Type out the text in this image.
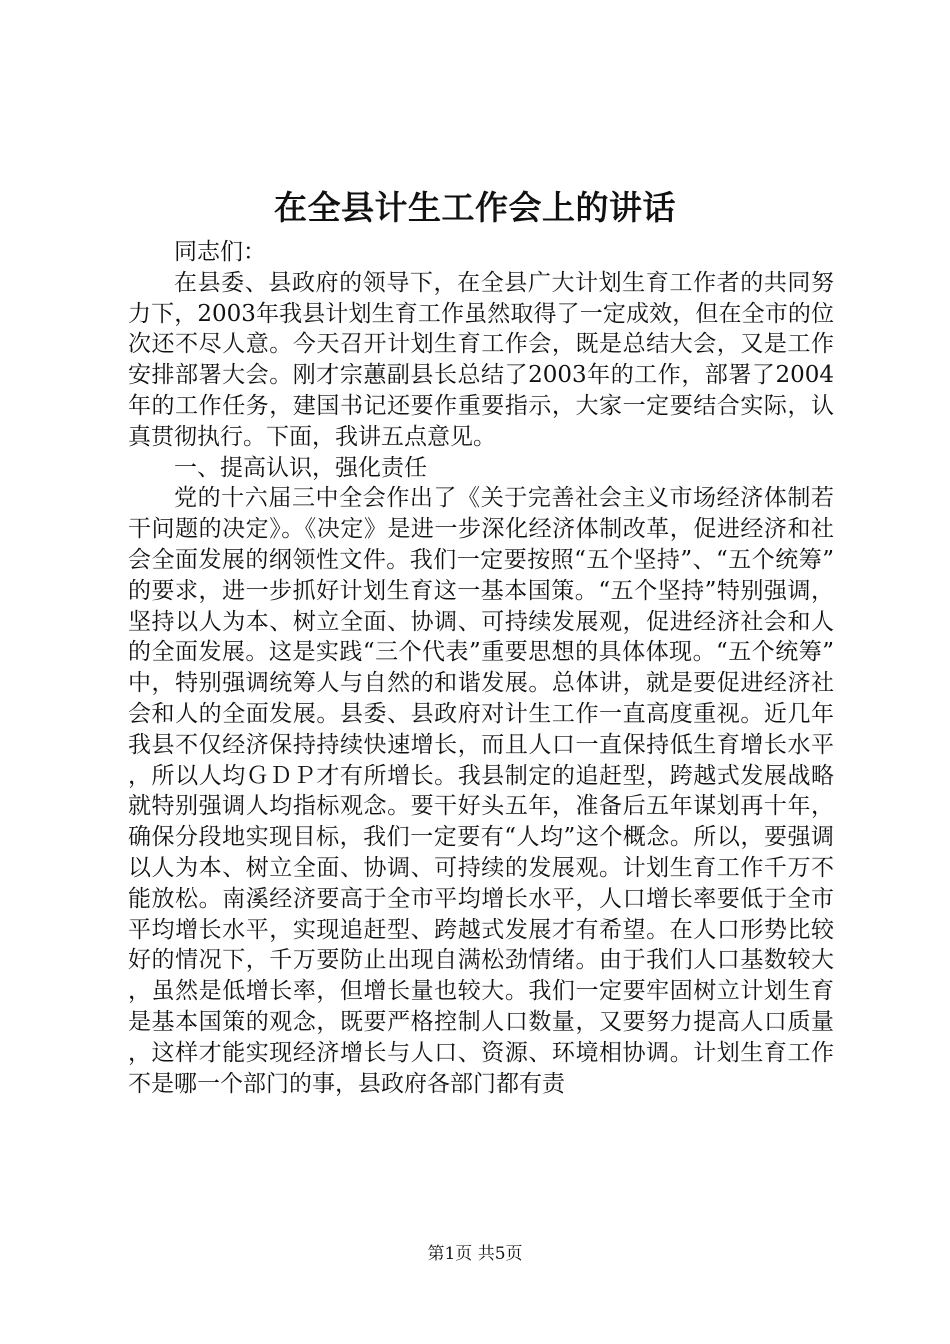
在全县计生工作会上的讲话

同志们：

在县委、县政府的领导下，在全县广大计划生育工作者的共同努力下，2003年我县计划生育工作虽然取得了一定成效，但在全市的位次还不尽人意。今天召开计划生育工作会，既是总结大会，又是工作安排部署大会。刚才宗蕙副县长总结了2003年的工作，部署了2004年的工作任务，建国书记还要作重要指示，大家一定要结合实际，认真贯彻执行。下面，我讲五点意见。

一、提高认识，强化责任

党的十六届三中全会作出了《关于完善社会主义市场经济体制若干问题的决定》。《决定》是进一步深化经济体制改革，促进经济和社会全面发展的纲领性文件。我们一定要按照“五个坚持”、“五个统筹”的要求，进一步抓好计划生育这一基本国策。“五个坚持”特别强调，坚持以人为本、树立全面、协调、可持续发展观，促进经济社会和人的全面发展。这是实践“三个代表”重要思想的具体体现。“五个统筹”中，特别强调统筹人与自然的和谐发展。总体讲，就是要促进经济社会和人的全面发展。县委、县政府对计生工作一直高度重视。近几年我县不仅经济保持持续快速增长，而且人口一直保持低生育增长水平，所以人均ＧＤＰ才有所增长。我县制定的追赶型，跨越式发展战略就特别强调人均指标观念。要干好头五年，准备后五年谋划再十年，确保分段地实现目标，我们一定要有“人均”这个概念。所以，要强调以人为本、树立全面、协调、可持续的发展观。计划生育工作千万不能放松。南溪经济要高于全市平均增长水平，人口增长率要低于全市平均增长水平，实现追赶型、跨越式发展才有希望。在人口形势比较好的情况下，千万要防止出现自满松劲情绪。由于我们人口基数较大，虽然是低增长率，但增长量也较大。我们一定要牢固树立计划生育是基本国策的观念，既要严格控制人口数量，又要努力提高人口质量，这样才能实现经济增长与人口、资源、环境相协调。计划生育工作不是哪一个部门的事，县政府各部门都有责

第1页 共5页
